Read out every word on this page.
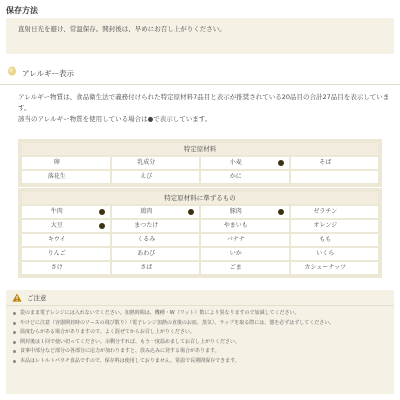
保存方法
直射日光を避け、常温保存。開封後は、早めにお召し上がりください。
アレルギー表示
アレルギー物質は、食品衛生法で義務付けられた特定原材料7品目と表示が推奨されている20品目の合計27品目を表示しています。
該当のアレルギー物質を使用している場合は●で表示しています。
特定原材料
卵	乳成分	小麦	そば
落花生	えび	かに
特定原材料に準ずるもの
牛肉	鶏肉	豚肉	ゼラチン
大豆	まつたけ	やまいも	オレンジ
キウイ	くるみ	バナナ	もも
りんご	あわび	いか	いくら
さけ	さば	ごま	カシューナッツ
ご注意
袋のまま電子レンジには入れないでください。加熱時間は、機種・W（ワット）数により異なりますので加減してください。
やけどに注意（容器開封時のソースの飛び散り）（電子レンジ加熱の直後のお皿、蒸気）、ラップを取る際には、器を必ずはずしてください。
温度むらがある場合がありますので、よく混ぜてからお召し上がりください。
開封後は１回で使い切ってください。余剰分すれば、もう一度温めましてお召し上がりください。
食事中部分など部分の各部分に応力が加わりますと、放み込みに発する場合があります。
本品はレトルトパウチ食品ですので、保存料は使用しておりません。常温で長期間保存できます。
